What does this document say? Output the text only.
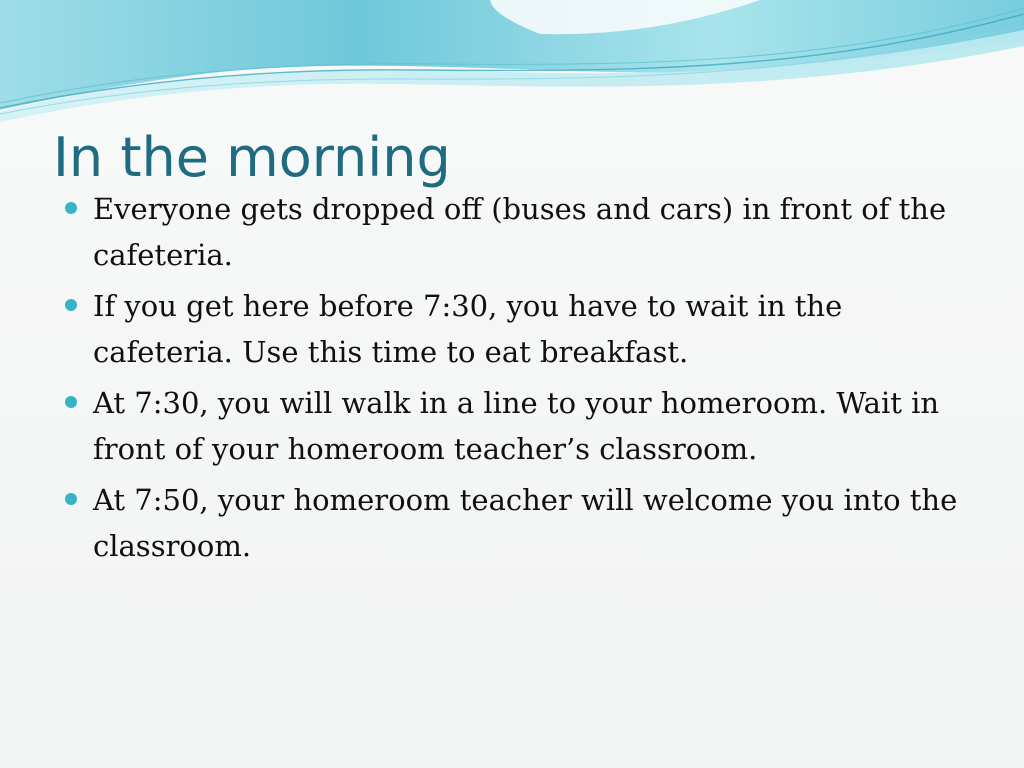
In the morning
Everyone gets dropped off (buses and cars) in front of the cafeteria.
If you get here before 7:30, you have to wait in the cafeteria. Use this time to eat breakfast.
At 7:30, you will walk in a line to your homeroom. Wait in front of your homeroom teacher’s classroom.
At 7:50, your homeroom teacher will welcome you into the classroom.
